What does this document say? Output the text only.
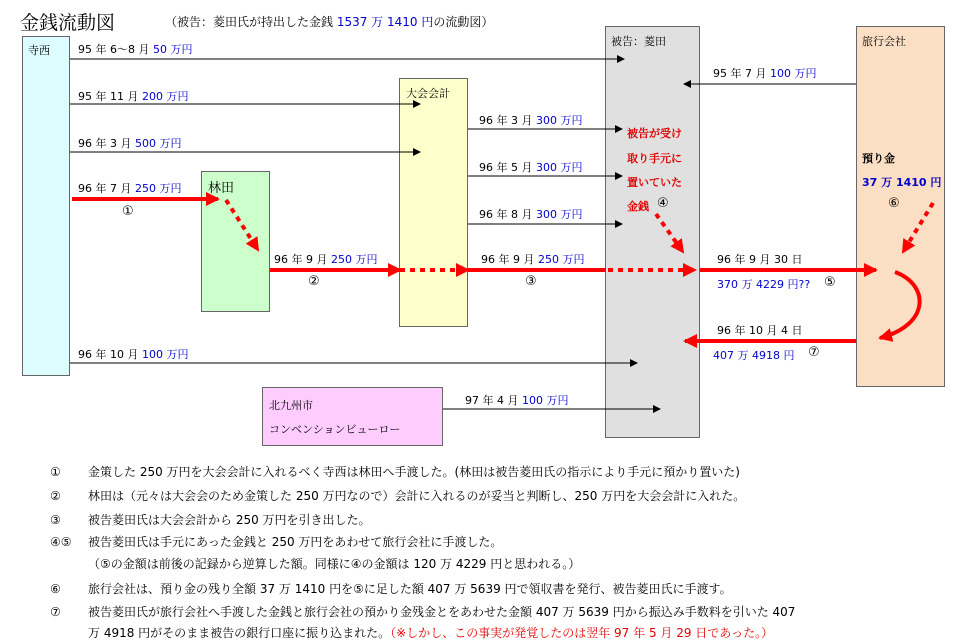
金銭流動図	（被告：菱田氏が持出した金銭 1537 万 1410 円の流動図）
寺西
被告：菱田	旅行会社
大会会計
林田
北九州市
コンベンションビューロー
95 年 6～8 月 50 万円
95 年 11 月 200 万円
96 年 3 月 500 万円
96 年 7 月 250 万円
96 年 10 月 100 万円
95 年 7 月 100 万円
96 年 3 月 300 万円
96 年 5 月 300 万円
96 年 8 月 300 万円
96 年 9 月 250 万円	96 年 9 月 250 万円	96 年 9 月 30 日
370 万 4229 円??
96 年 10 月 4 日
407 万 4918 円
97 年 4 月 100 万円
被告が受け
取り手元に
置いていた
金銭
預り金
37 万 1410 円
①
②	③
④
⑤
⑥
⑦
① 金策した 250 万円を大会会計に入れるべく寺西は林田へ手渡した。(林田は被告菱田氏の指示により手元に預かり置いた)
② 林田は（元々は大会会のため金策した 250 万円なので）会計に入れるのが妥当と判断し、250 万円を大会会計に入れた。
③ 被告菱田氏は大会会計から 250 万円を引き出した。
④⑤ 被告菱田氏は手元にあった金銭と 250 万円をあわせて旅行会社に手渡した。
（⑤の金額は前後の記録から逆算した額。同様に④の金額は 120 万 4229 円と思われる。）
⑥ 旅行会社は、預り金の残り全額 37 万 1410 円を⑤に足した額 407 万 5639 円で領収書を発行、被告菱田氏に手渡す。
⑦ 被告菱田氏が旅行会社へ手渡した金銭と旅行会社の預かり金残金とをあわせた金額 407 万 5639 円から振込み手数料を引いた 407
万 4918 円がそのまま被告の銀行口座に振り込まれた。（※しかし、この事実が発覚したのは翌年 97 年 5 月 29 日であった。）
